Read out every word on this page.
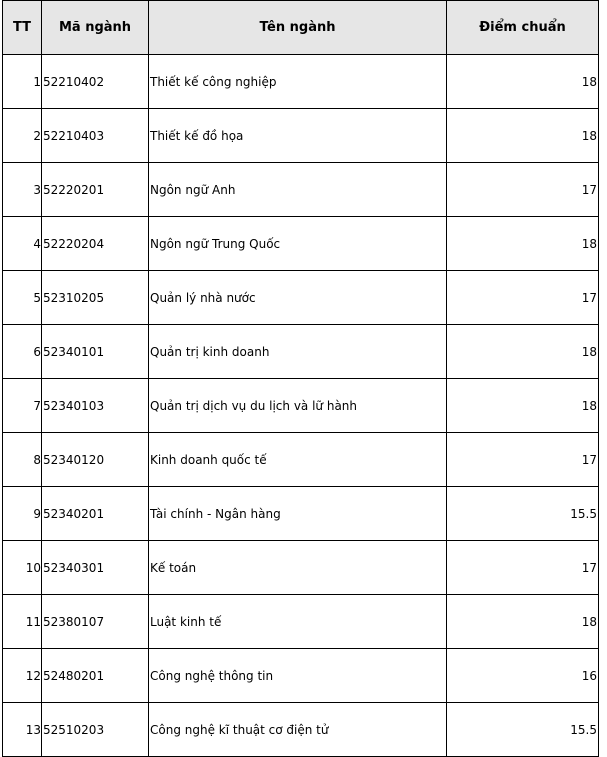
TT	Mã ngành	Tên ngành	Điểm chuẩn
1	52210402	Thiết kế công nghiệp	18
2	52210403	Thiết kế đồ họa	18
3	52220201	Ngôn ngữ Anh	17
4	52220204	Ngôn ngữ Trung Quốc	18
5	52310205	Quản lý nhà nước	17
6	52340101	Quản trị kinh doanh	18
7	52340103	Quản trị dịch vụ du lịch và lữ hành	18
8	52340120	Kinh doanh quốc tế	17
9	52340201	Tài chính - Ngân hàng	15.5
10	52340301	Kế toán	17
11	52380107	Luật kinh tế	18
12	52480201	Công nghệ thông tin	16
13	52510203	Công nghệ kĩ thuật cơ điện tử	15.5
